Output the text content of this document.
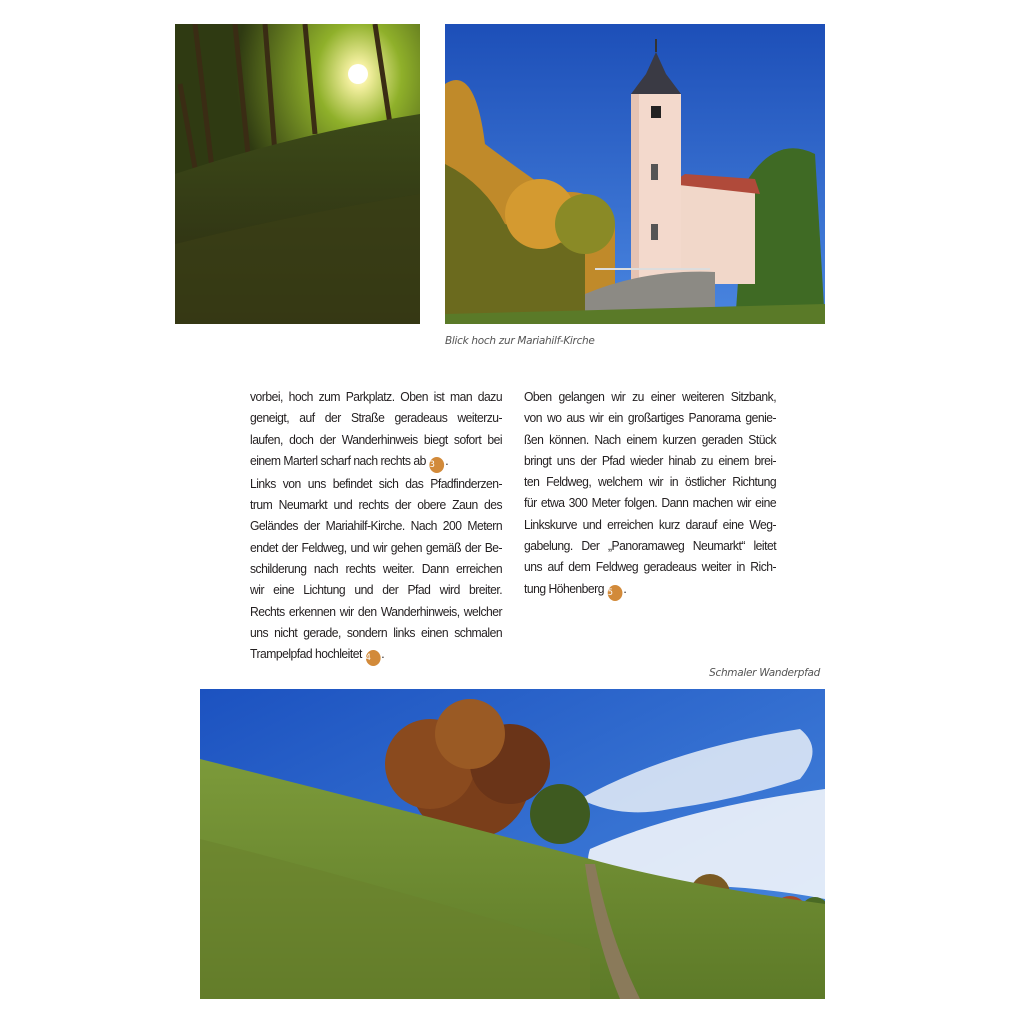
Blick hoch zur Mariahilf-Kirche
vorbei, hoch zum Parkplatz. Oben ist man dazu
geneigt, auf der Straße geradeaus weiterzu-
laufen, doch der Wanderhinweis biegt sofort bei
einem Marterl scharf nach rechts ab 3 .
Links von uns befindet sich das Pfadfinderzen-
trum Neumarkt und rechts der obere Zaun des
Geländes der Mariahilf-Kirche. Nach 200 Metern
endet der Feldweg, und wir gehen gemäß der Be-
schilderung nach rechts weiter. Dann erreichen
wir eine Lichtung und der Pfad wird breiter.
Rechts erkennen wir den Wanderhinweis, welcher
uns nicht gerade, sondern links einen schmalen
Trampelpfad hochleitet 4 .
Oben gelangen wir zu einer weiteren Sitzbank,
von wo aus wir ein großartiges Panorama genie-
ßen können. Nach einem kurzen geraden Stück
bringt uns der Pfad wieder hinab zu einem brei-
ten Feldweg, welchem wir in östlicher Richtung
für etwa 300 Meter folgen. Dann machen wir eine
Linkskurve und erreichen kurz darauf eine Weg-
gabelung. Der „Panoramaweg Neumarkt“ leitet
uns auf dem Feldweg geradeaus weiter in Rich-
tung Höhenberg 5 .
Schmaler Wanderpfad
